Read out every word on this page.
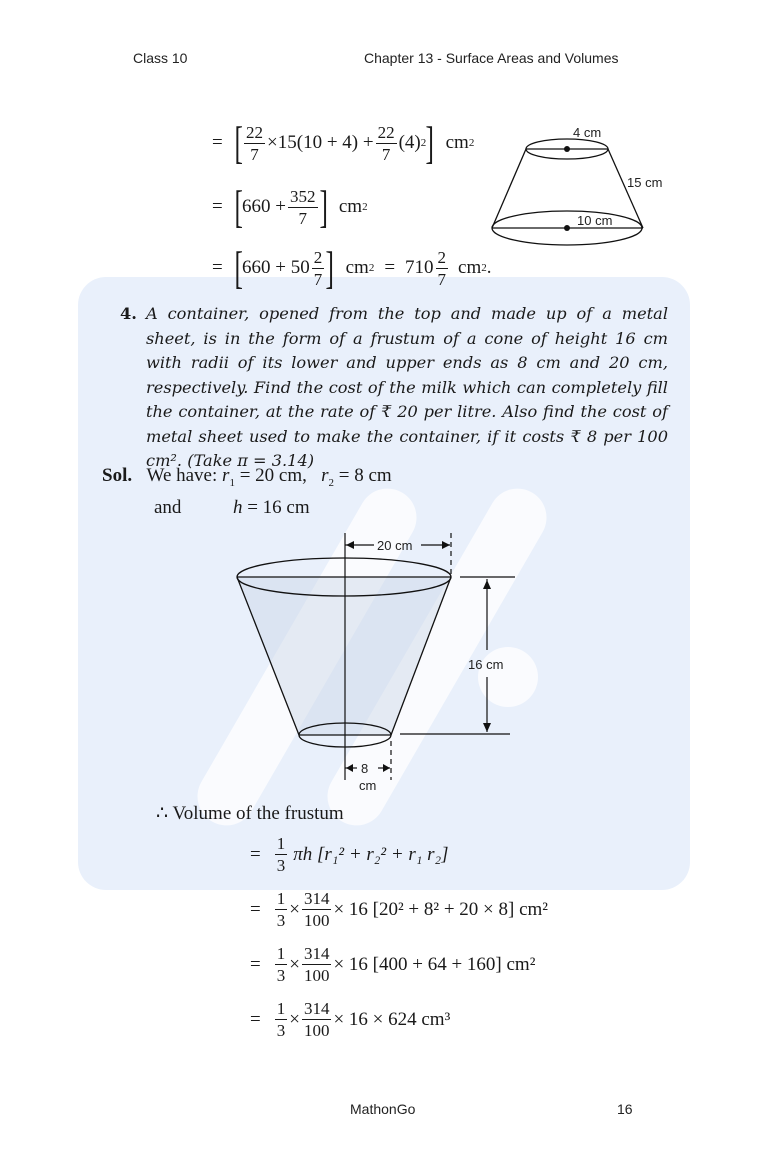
Class 10	Chapter 13 - Surface Areas and Volumes
= [ $\frac{22}{7} \times 15(10 + 4) + \frac{22}{7} (4)$ 2 ] cm 2
= [ $660 + \frac{352}{7}$ ] cm 2
= [ $660 + 50 \frac{2}{7}$ ] cm $2 = 710 \frac{2}{7}$ cm 2 .
4 cm
15 cm
10 cm
4. A container, opened from the top and made up of a metal sheet, is in the form of a frustum of a cone of height 16 cm with radii of its lower and upper ends as 8 cm and 20 cm, respectively. Find the cost of the milk which can completely fill the container, at the rate of ₹ 20 per litre. Also find the cost of metal sheet used to make the container, if it costs ₹ 8 per 100 cm². (Take π = 3.14)
Sol. We have: $r_1 = 20$ cm, $r_2 = 8$ cm
and	h = 16 cm
20 cm
16 cm
8
cm
∴ Volume of the frustum
= $\frac{1}{3}$ πh [r₁² + r₂² + r₁ r₂]
= $\frac{1}{3} \times \frac{314}{100} \times 16$ [20² + 8² + 20 × 8] cm²
= $\frac{1}{3} \times \frac{314}{100} \times 16$ [400 + 64 + 160] cm²
= $\frac{1}{3} \times \frac{314}{100} \times 16 \times 624$ cm³
MathonGo	16
